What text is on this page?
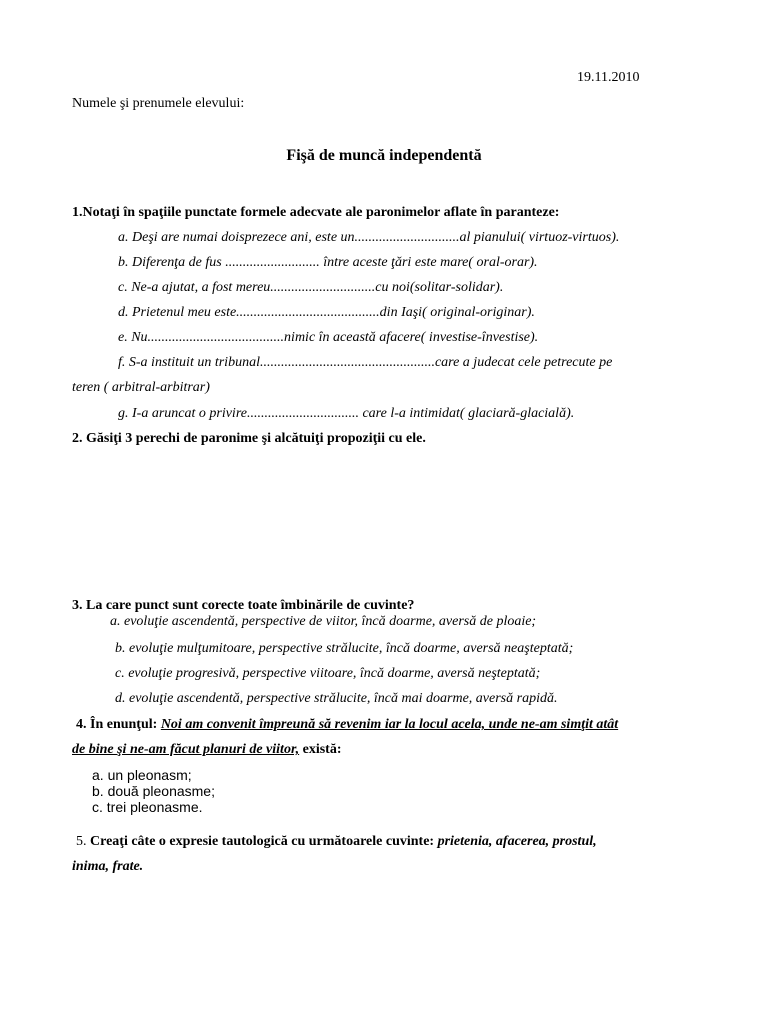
19.11.2010
Numele şi prenumele elevului:
Fişă de muncă independentă
1.Notaţi în spaţiile punctate formele adecvate ale paronimelor aflate în paranteze:
a. Deşi are numai doisprezece ani, este un..............................al pianului( virtuoz-virtuos).
b. Diferenţa de fus ........................... între aceste ţări este mare( oral-orar).
c. Ne-a ajutat, a fost mereu..............................cu noi(solitar-solidar).
d. Prietenul meu este.........................................din Iaşi( original-originar).
e. Nu.......................................nimic în această afacere( investise-învestise).
f. S-a instituit un tribunal..................................................care a judecat cele petrecute pe
teren ( arbitral-arbitrar)
g. I-a aruncat o privire................................ care l-a intimidat( glaciară-glacială).
2. Găsiţi 3 perechi de paronime şi alcătuiţi propoziţii cu ele.
3. La care punct sunt corecte toate îmbinările de cuvinte?
a. evoluţie ascendentă, perspective de viitor, încă doarme, aversă de ploaie;
b. evoluţie mulţumitoare, perspective strălucite, încă doarme, aversă neaşteptată;
c. evoluţie progresivă, perspective viitoare, încă doarme, aversă neşteptată;
d. evoluţie ascendentă, perspective strălucite, încă mai doarme, aversă rapidă.
4. În enunţul: Noi am convenit împreună să revenim iar la locul acela, unde ne-am simţit atât
de bine şi ne-am făcut planuri de viitor, există:
a. un pleonasm;
b. două pleonasme;
c. trei pleonasme.
5. Creaţi câte o expresie tautologică cu următoarele cuvinte: prietenia, afacerea, prostul,
inima, frate.
